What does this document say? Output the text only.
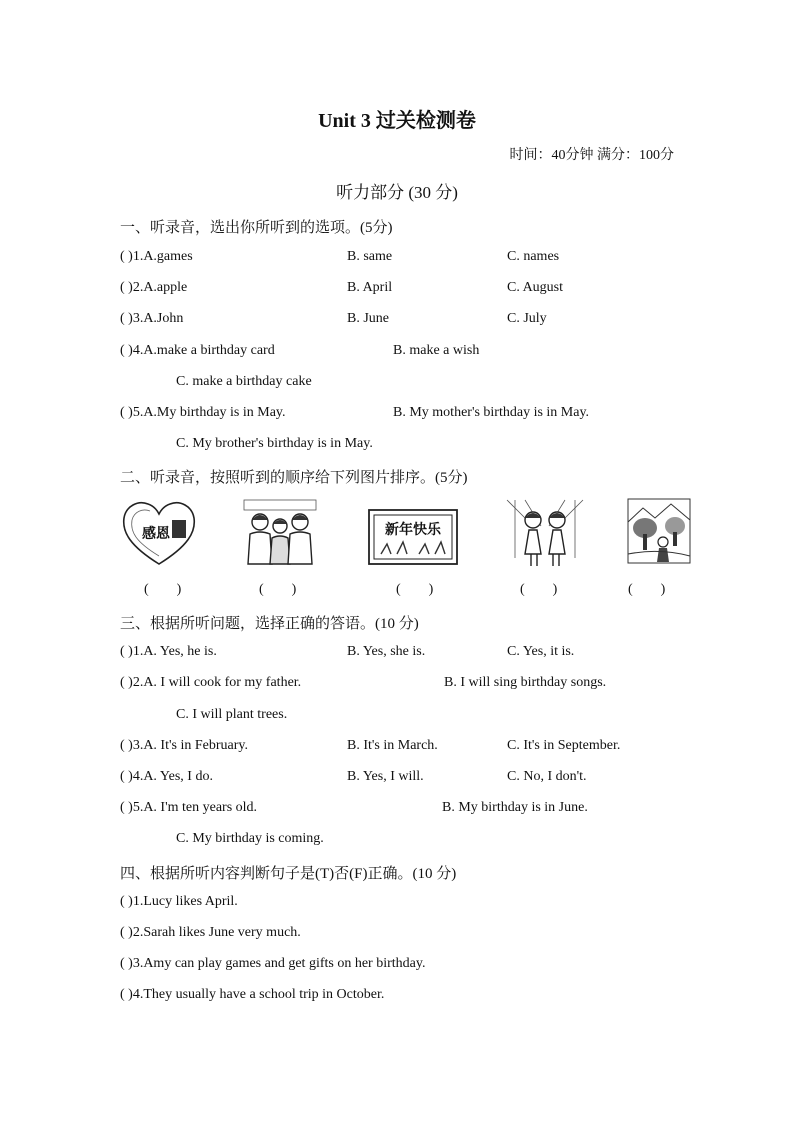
Unit 3 过关检测卷
时间：40分钟 满分：100分
听力部分 (30 分)
一、听录音，选出你所听到的选项。(5分)
( )1.A.games	B. same	C. names
( )2.A.apple	B. April	C. August
( )3.A.John	B. June	C. July
( )4.A.make a birthday card	B. make a wish
C. make a birthday cake
( )5.A.My birthday is in May.	B. My mother's birthday is in May.
C. My brother's birthday is in May.
二、听录音，按照听到的顺序给下列图片排序。(5分)
感恩	新年快乐
(        )	(        )	(        )	(        )	(        )
三、根据所听问题，选择正确的答语。(10 分)
( )1.A. Yes, he is.	B. Yes, she is.	C. Yes, it is.
( )2.A. I will cook for my father.	B. I will sing birthday songs.
C. I will plant trees.
( )3.A. It's in February.	B. It's in March.	C. It's in September.
( )4.A. Yes, I do.	B. Yes, I will.	C. No, I don't.
( )5.A. I'm ten years old.	B. My birthday is in June.
C. My birthday is coming.
四、根据所听内容判断句子是(T)否(F)正确。(10 分)
( )1.Lucy likes April.
( )2.Sarah likes June very much.
( )3.Amy can play games and get gifts on her birthday.
( )4.They usually have a school trip in October.
